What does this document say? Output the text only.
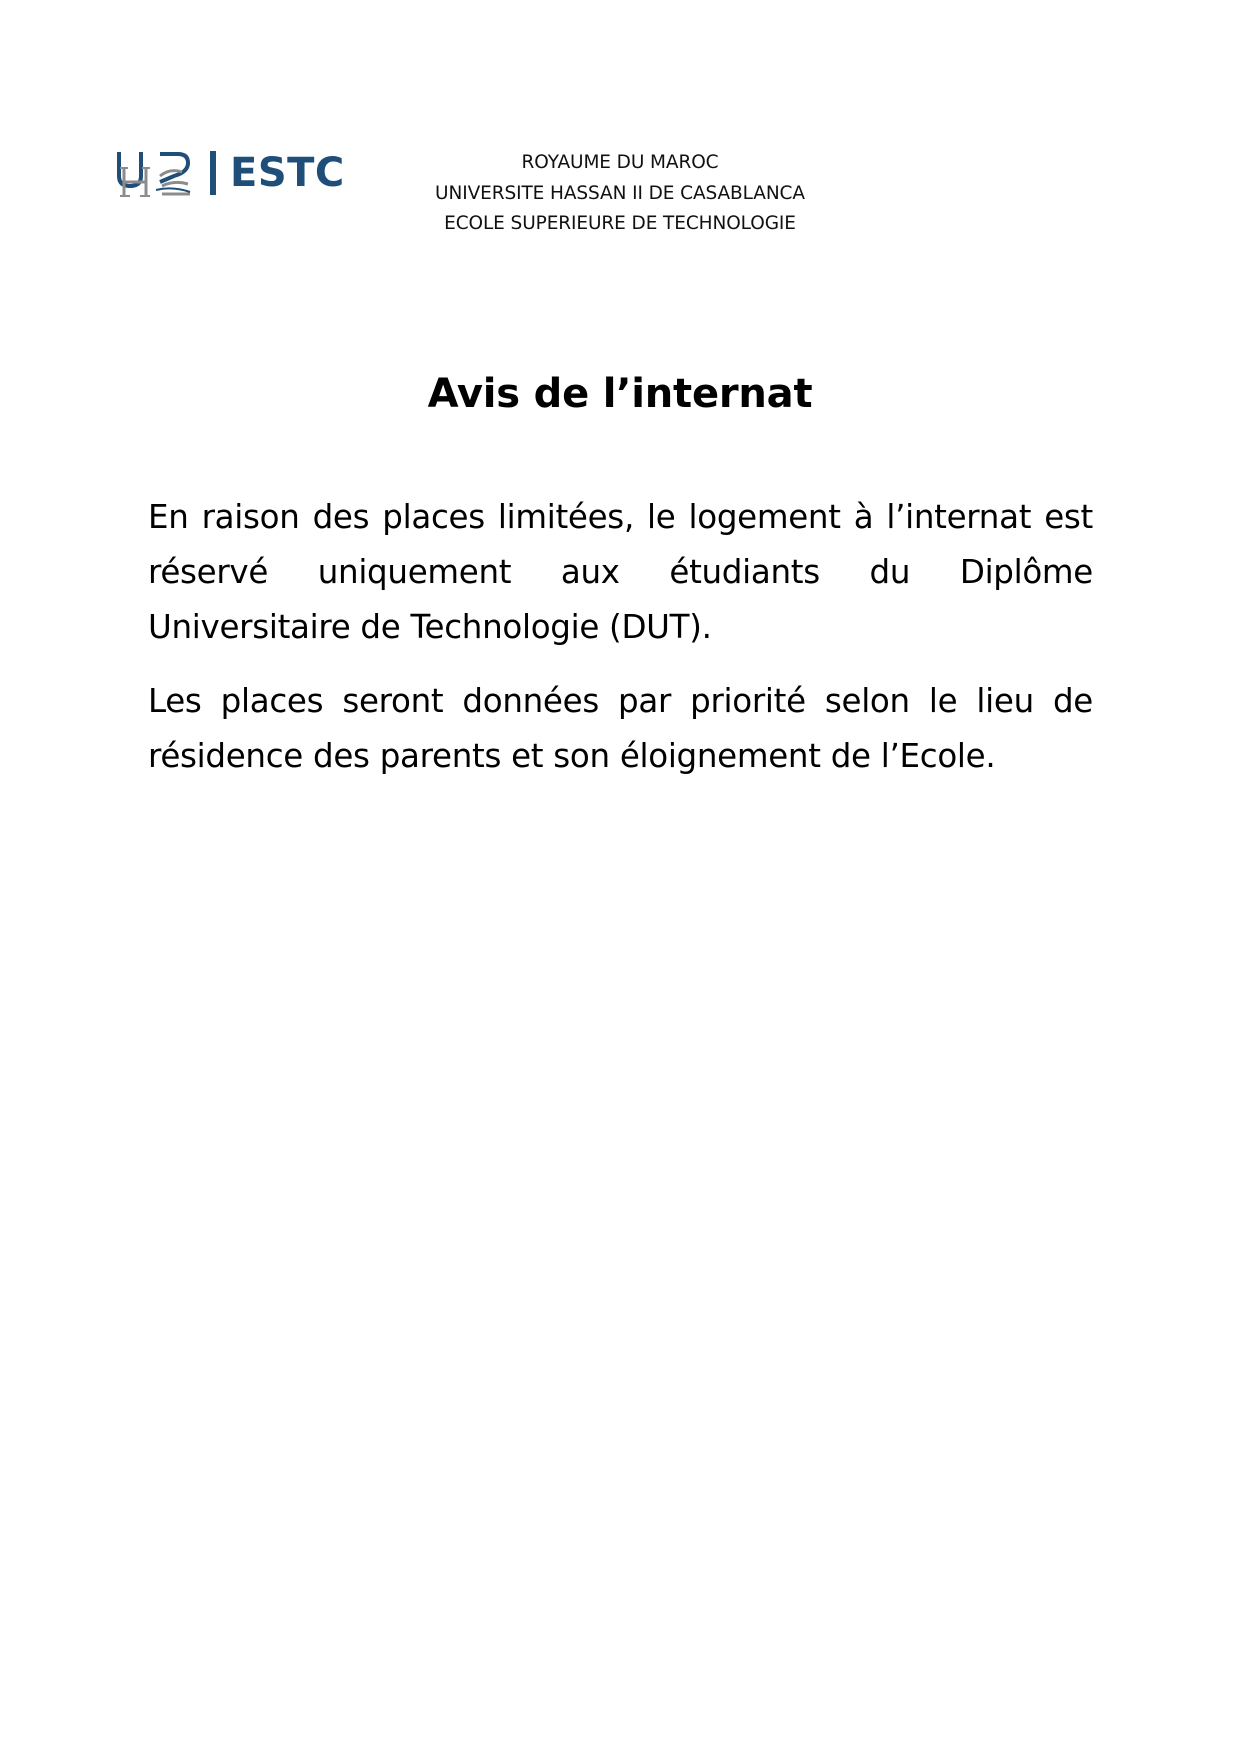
ESTC	ROYAUME DU MAROC
UNIVERSITE HASSAN II DE CASABLANCA
ECOLE SUPERIEURE DE TECHNOLOGIE
Avis de l’internat

En raison des places limitées, le logement à l’internat est réservé uniquement aux étudiants du Diplôme Universitaire de Technologie (DUT).

Les places seront données par priorité selon le lieu de résidence des parents et son éloignement de l’Ecole.
